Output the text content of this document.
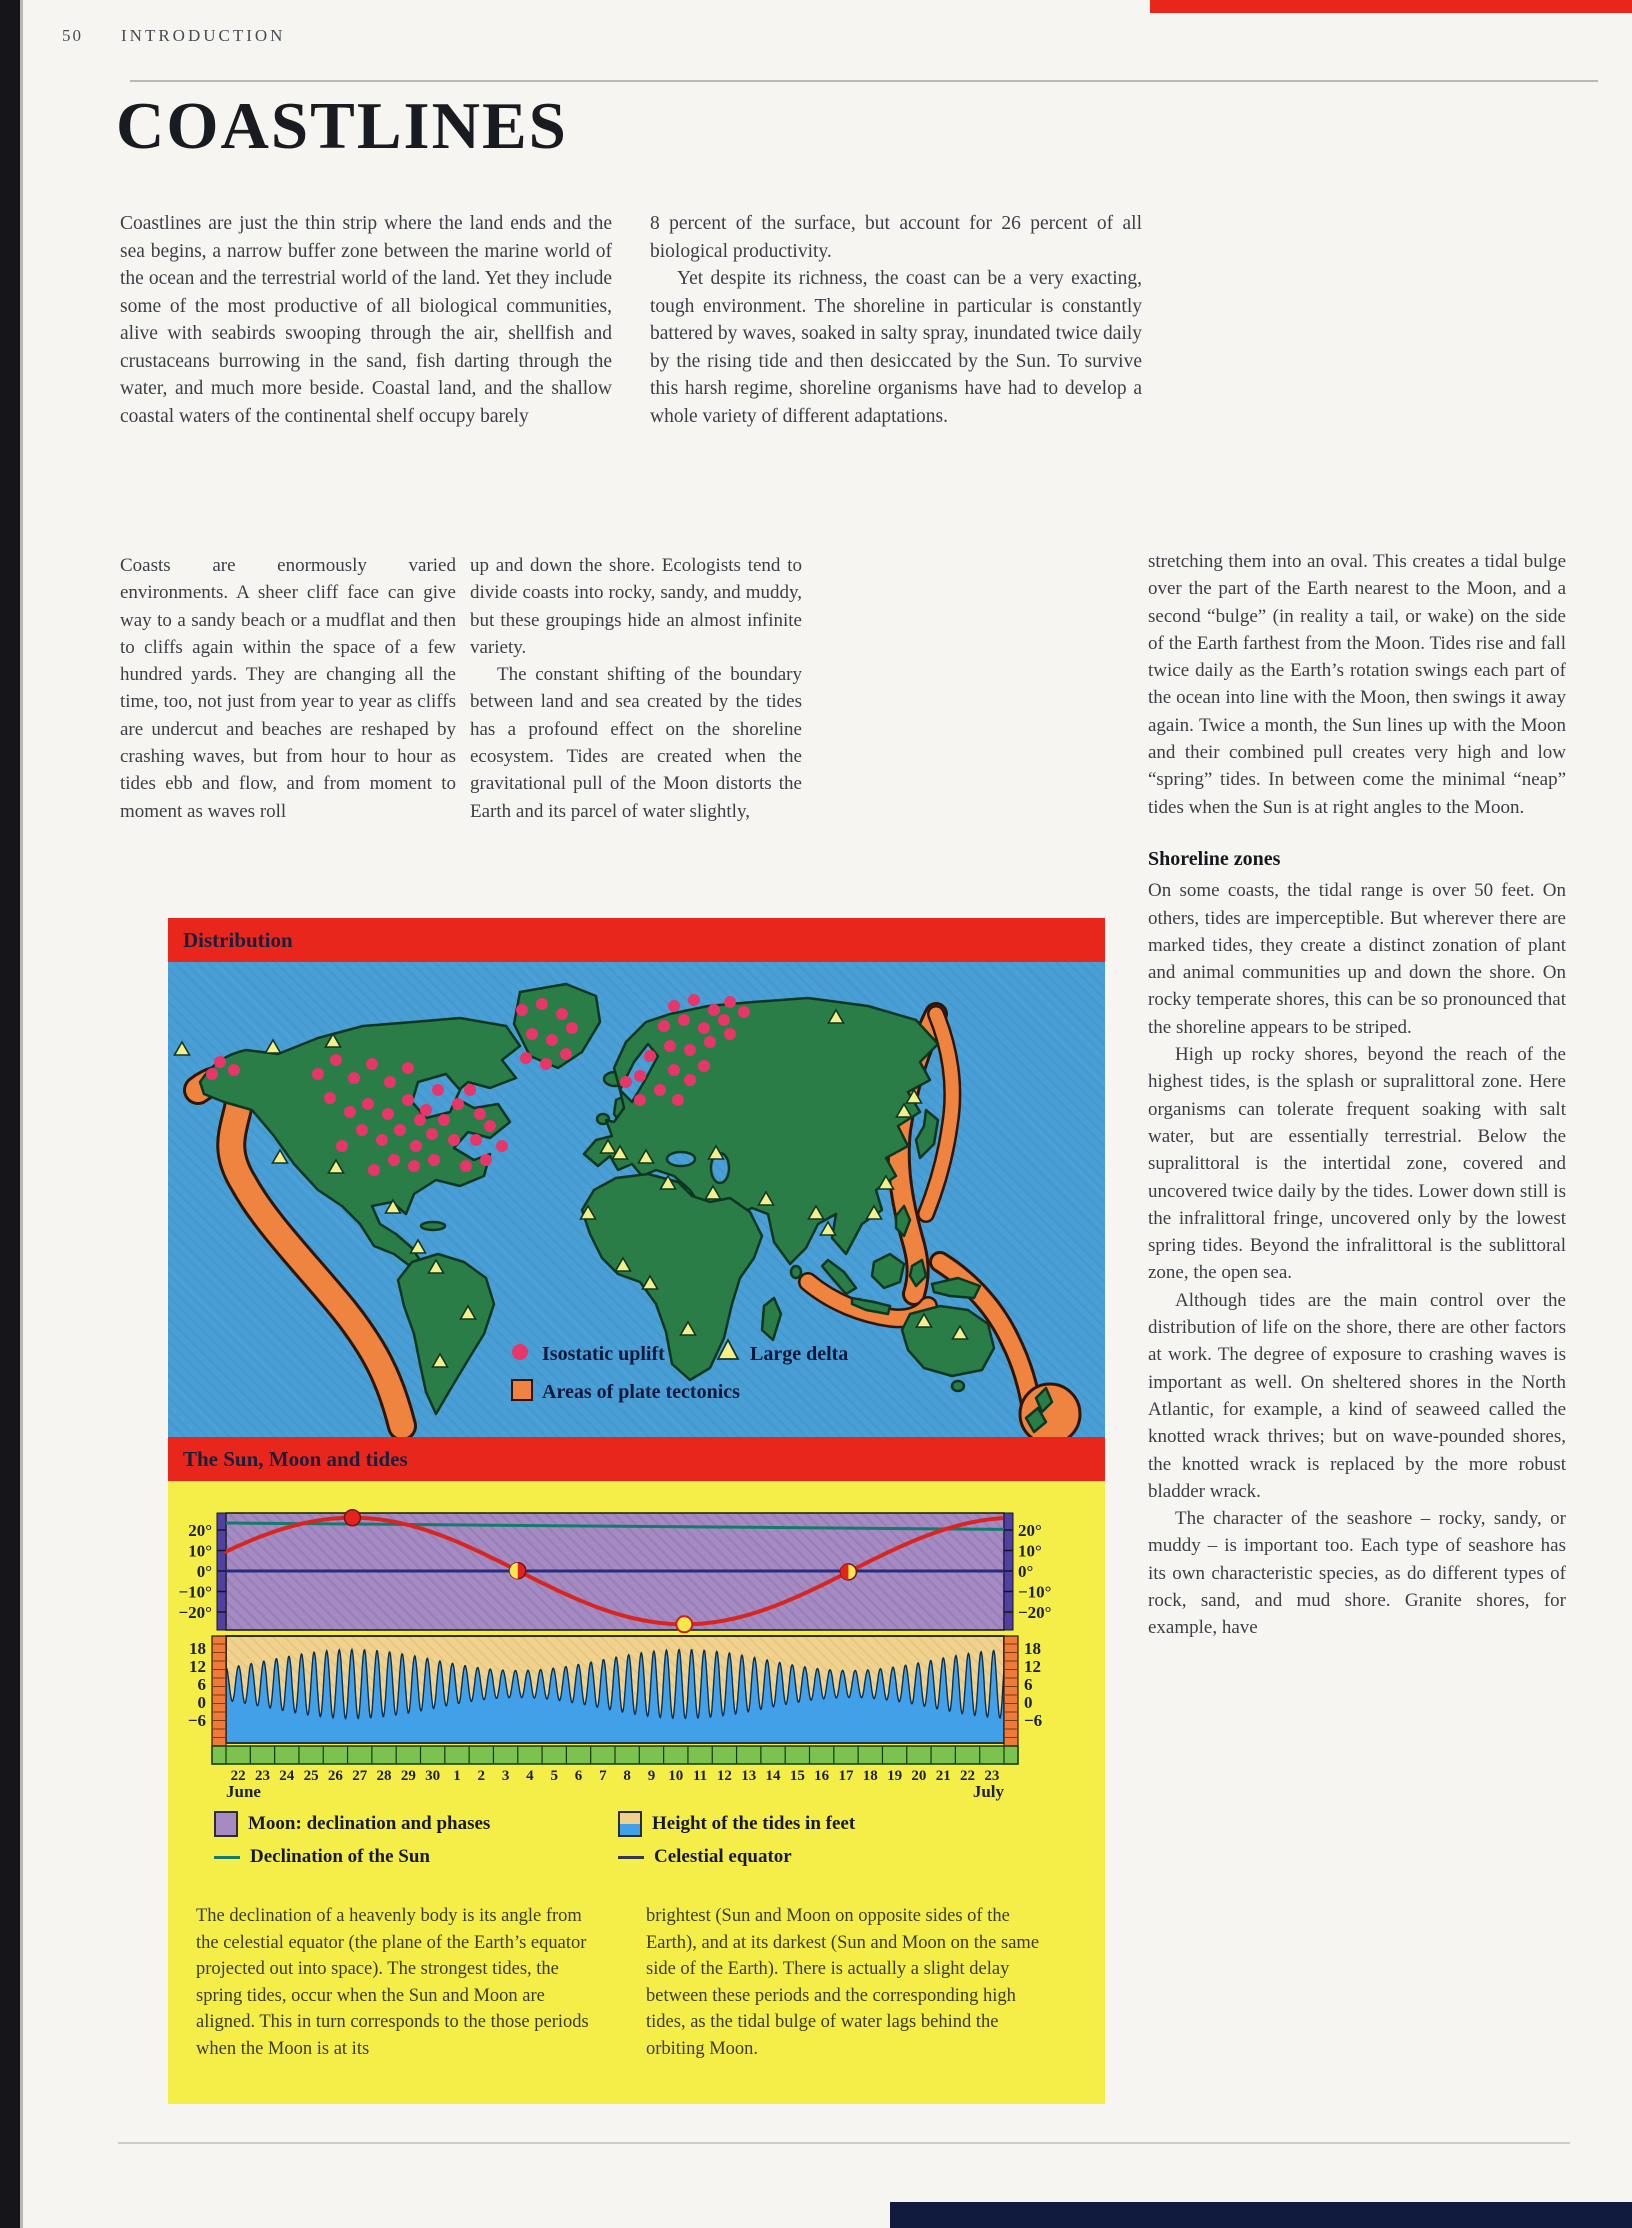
50 INTRODUCTION
COASTLINES

Coastlines are just the thin strip where the land ends and the sea begins, a narrow buffer zone between the marine world of the ocean and the terrestrial world of the land. Yet they include some of the most productive of all biological communities, alive with seabirds swooping through the air, shellfish and crustaceans burrowing in the sand, fish darting through the water, and much more beside. Coastal land, and the shallow coastal waters of the continental shelf occupy barely

8 percent of the surface, but account for 26 percent of all biological productivity.

Yet despite its richness, the coast can be a very exacting, tough environment. The shoreline in particular is constantly battered by waves, soaked in salty spray, inundated twice daily by the rising tide and then desiccated by the Sun. To survive this harsh regime, shoreline organisms have had to develop a whole variety of different adaptations.

Coasts are enormously varied environments. A sheer cliff face can give way to a sandy beach or a mudflat and then to cliffs again within the space of a few hundred yards. They are changing all the time, too, not just from year to year as cliffs are undercut and beaches are reshaped by crashing waves, but from hour to hour as tides ebb and flow, and from moment to moment as waves roll

up and down the shore. Ecologists tend to divide coasts into rocky, sandy, and muddy, but these groupings hide an almost infinite variety.

The constant shifting of the boundary between land and sea created by the tides has a profound effect on the shoreline ecosystem. Tides are created when the gravitational pull of the Moon distorts the Earth and its parcel of water slightly,

stretching them into an oval. This creates a tidal bulge over the part of the Earth nearest to the Moon, and a second “bulge” (in reality a tail, or wake) on the side of the Earth farthest from the Moon. Tides rise and fall twice daily as the Earth’s rotation swings each part of the ocean into line with the Moon, then swings it away again. Twice a month, the Sun lines up with the Moon and their combined pull creates very high and low “spring” tides. In between come the minimal “neap” tides when the Sun is at right angles to the Moon.

Shoreline zones

On some coasts, the tidal range is over 50 feet. On others, tides are imperceptible. But wherever there are marked tides, they create a distinct zonation of plant and animal communities up and down the shore. On rocky temperate shores, this can be so pronounced that the shoreline appears to be striped.

High up rocky shores, beyond the reach of the highest tides, is the splash or supralittoral zone. Here organisms can tolerate frequent soaking with salt water, but are essentially terrestrial. Below the supralittoral is the intertidal zone, covered and uncovered twice daily by the tides. Lower down still is the infralittoral fringe, uncovered only by the lowest spring tides. Beyond the infralittoral is the sublittoral zone, the open sea.

Although tides are the main control over the distribution of life on the shore, there are other factors at work. The degree of exposure to crashing waves is important as well. On sheltered shores in the North Atlantic, for example, a kind of seaweed called the knotted wrack thrives; but on wave-pounded shores, the knotted wrack is replaced by the more robust bladder wrack.

The character of the seashore – rocky, sandy, or muddy – is important too. Each type of seashore has its own characteristic species, as do different types of rock, sand, and mud shore. Granite shores, for example, have

Distribution
Isostatic uplift	Large delta
Areas of plate tectonics
The Sun, Moon and tides
20°	20°
10°	10°
0°	0°
−10°	−10°
−20°	−20°
18	18
12	12
6	6
0	0
−6	−6
22 23 24 25 26 27 28 29 30 1 2 3 4 5 6 7 8 9 10 11 12 13 14 15 16 17 18 19 20 21 22 23
June	July
Moon: declination and phases
Declination of the Sun
Height of the tides in feet
Celestial equator
The declination of a heavenly body is its angle from the celestial equator (the plane of the Earth’s equator projected out into space). The strongest tides, the spring tides, occur when the Sun and Moon are aligned. This in turn corresponds to the those periods when the Moon is at its
brightest (Sun and Moon on opposite sides of the Earth), and at its darkest (Sun and Moon on the same side of the Earth). There is actually a slight delay between these periods and the corresponding high tides, as the tidal bulge of water lags behind the orbiting Moon.
